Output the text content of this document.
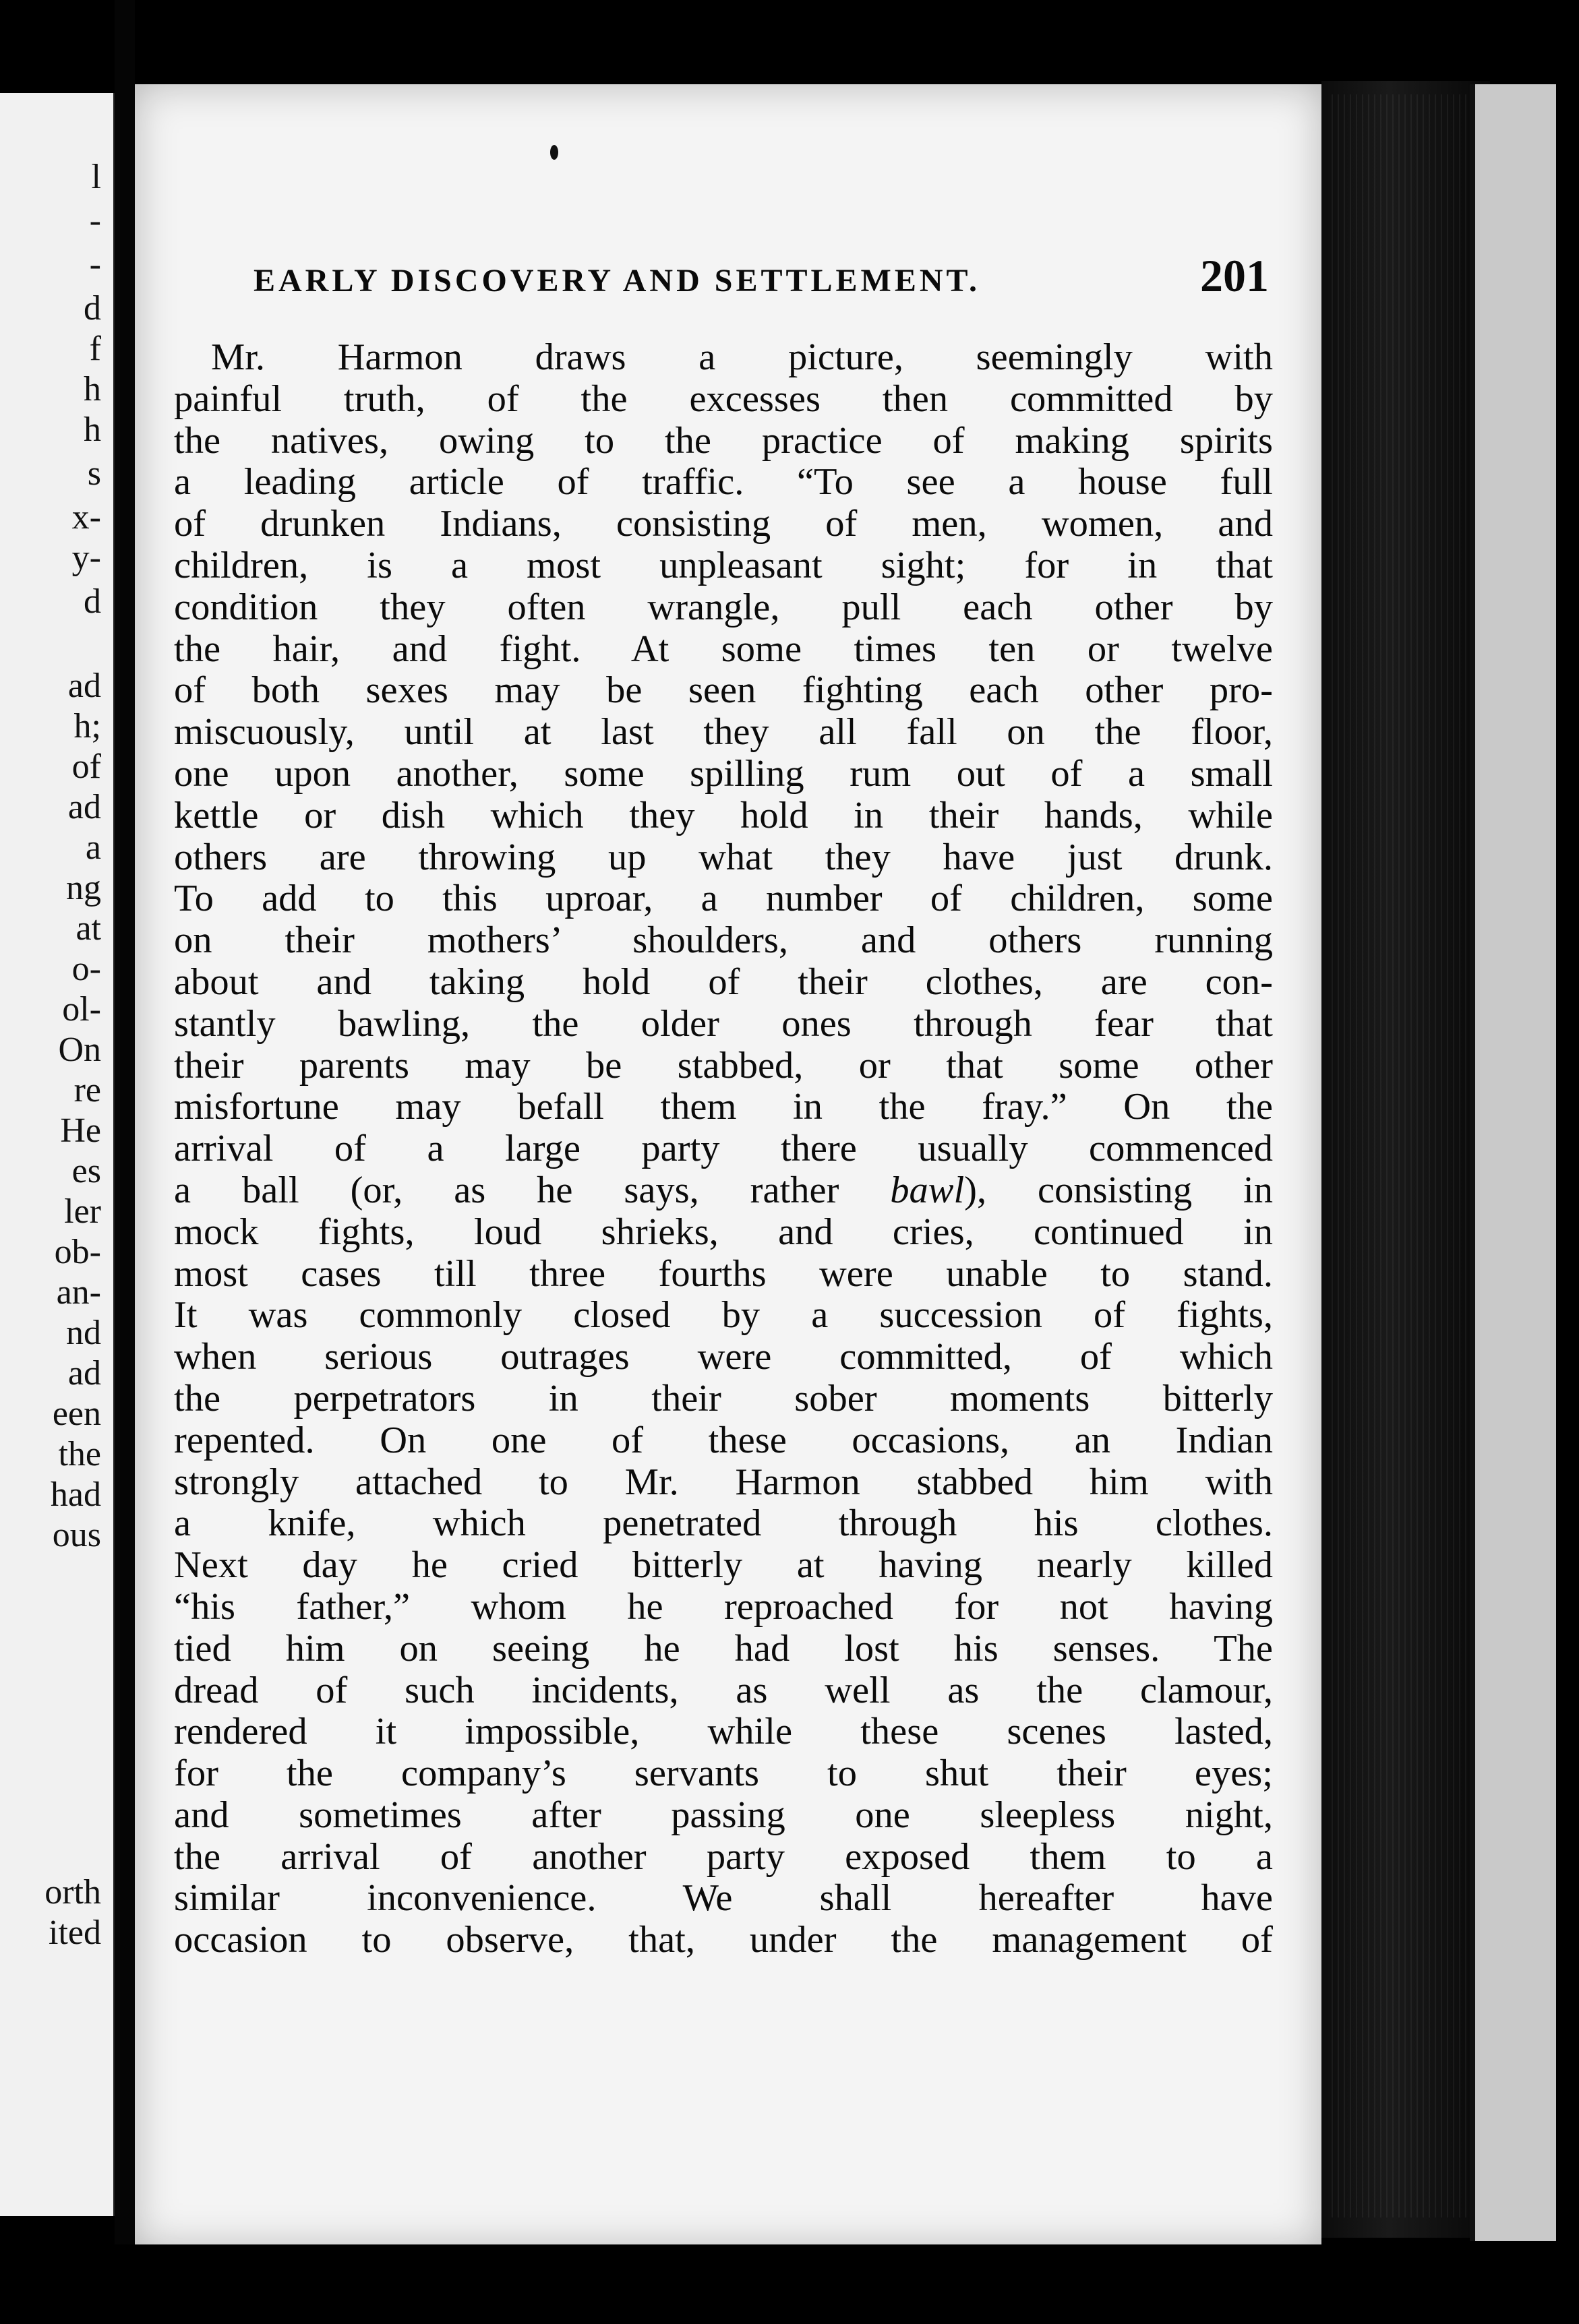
l
-
-
d
f
h
h
s
x-
y-
d
ad
h;
of
ad
a
ng
at
o-
ol-
On
re
He
es
ler
ob-
an-
nd
ad
een
the
had
ous
orth
ited
EARLY DISCOVERY AND SETTLEMENT.	201
Mr. Harmon draws a picture, seemingly with
painful truth, of the excesses then committed by
the natives, owing to the practice of making spirits
a leading article of traffic. “To see a house full
of drunken Indians, consisting of men, women, and
children, is a most unpleasant sight; for in that
condition they often wrangle, pull each other by
the hair, and fight. At some times ten or twelve
of both sexes may be seen fighting each other pro-
miscuously, until at last they all fall on the floor,
one upon another, some spilling rum out of a small
kettle or dish which they hold in their hands, while
others are throwing up what they have just drunk.
To add to this uproar, a number of children, some
on their mothers’ shoulders, and others running
about and taking hold of their clothes, are con-
stantly bawling, the older ones through fear that
their parents may be stabbed, or that some other
misfortune may befall them in the fray.” On the
arrival of a large party there usually commenced
a ball (or, as he says, rather bawl), consisting in
mock fights, loud shrieks, and cries, continued in
most cases till three fourths were unable to stand.
It was commonly closed by a succession of fights,
when serious outrages were committed, of which
the perpetrators in their sober moments bitterly
repented. On one of these occasions, an Indian
strongly attached to Mr. Harmon stabbed him with
a knife, which penetrated through his clothes.
Next day he cried bitterly at having nearly killed
“his father,” whom he reproached for not having
tied him on seeing he had lost his senses. The
dread of such incidents, as well as the clamour,
rendered it impossible, while these scenes lasted,
for the company’s servants to shut their eyes;
and sometimes after passing one sleepless night,
the arrival of another party exposed them to a
similar inconvenience. We shall hereafter have
occasion to observe, that, under the management of
